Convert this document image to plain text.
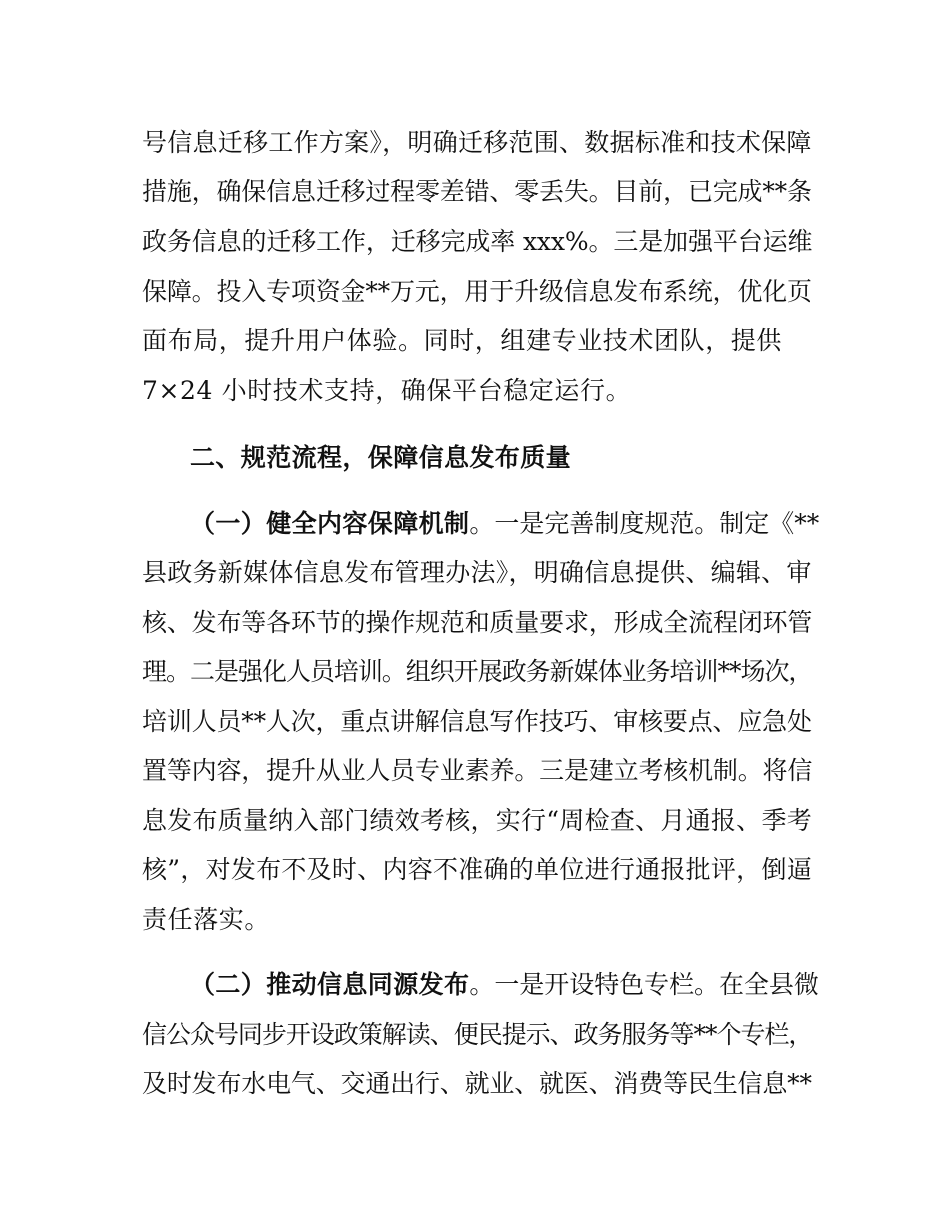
号信息迁移工作方案》，明确迁移范围、数据标准和技术保障
措施，确保信息迁移过程零差错、零丢失。目前，已完成**条
政务信息的迁移工作，迁移完成率 xxx%。三是加强平台运维
保障。投入专项资金**万元，用于升级信息发布系统，优化页
面布局，提升用户体验。同时，组建专业技术团队，提供
7×24 小时技术支持，确保平台稳定运行。
二、规范流程，保障信息发布质量
（一）健全内容保障机制。一是完善制度规范。制定《**
县政务新媒体信息发布管理办法》，明确信息提供、编辑、审
核、发布等各环节的操作规范和质量要求，形成全流程闭环管
理。二是强化人员培训。组织开展政务新媒体业务培训**场次，
培训人员**人次，重点讲解信息写作技巧、审核要点、应急处
置等内容，提升从业人员专业素养。三是建立考核机制。将信
息发布质量纳入部门绩效考核，实行“周检查、月通报、季考
核”，对发布不及时、内容不准确的单位进行通报批评，倒逼
责任落实。
（二）推动信息同源发布。一是开设特色专栏。在全县微
信公众号同步开设政策解读、便民提示、政务服务等**个专栏，
及时发布水电气、交通出行、就业、就医、消费等民生信息**
